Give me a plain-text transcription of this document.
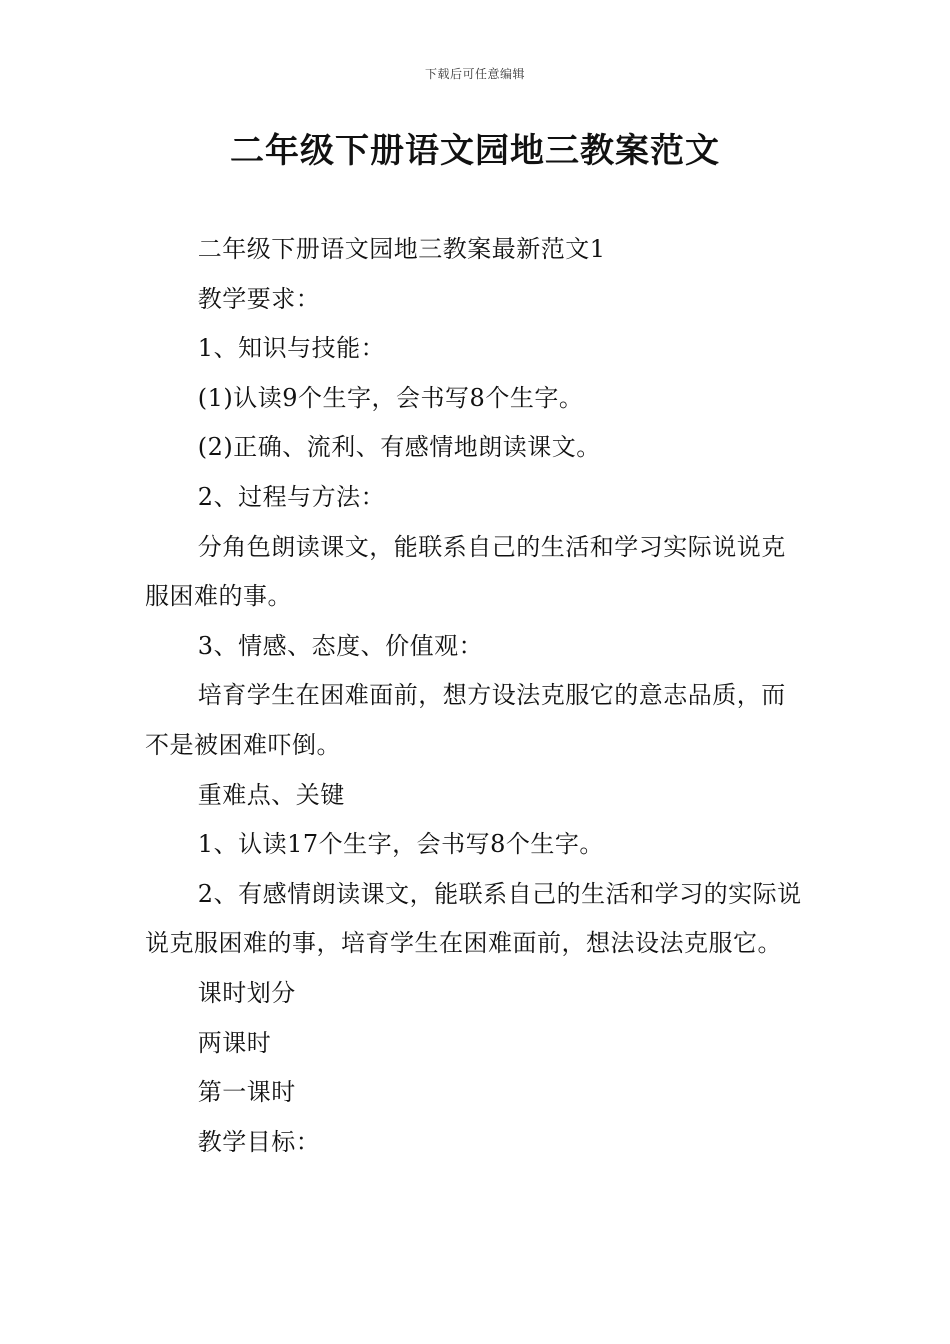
下载后可任意编辑
二年级下册语文园地三教案范文

二年级下册语文园地三教案最新范文1

教学要求：

1、知识与技能：

(1)认读9个生字，会书写8个生字。

(2)正确、流利、有感情地朗读课文。

2、过程与方法：

分角色朗读课文，能联系自己的生活和学习实际说说克服困难的事。

3、情感、态度、价值观：

培育学生在困难面前，想方设法克服它的意志品质，而不是被困难吓倒。

重难点、关键

1、认读17个生字，会书写8个生字。

2、有感情朗读课文，能联系自己的生活和学习的实际说说克服困难的事，培育学生在困难面前，想法设法克服它。

课时划分

两课时

第一课时

教学目标：
